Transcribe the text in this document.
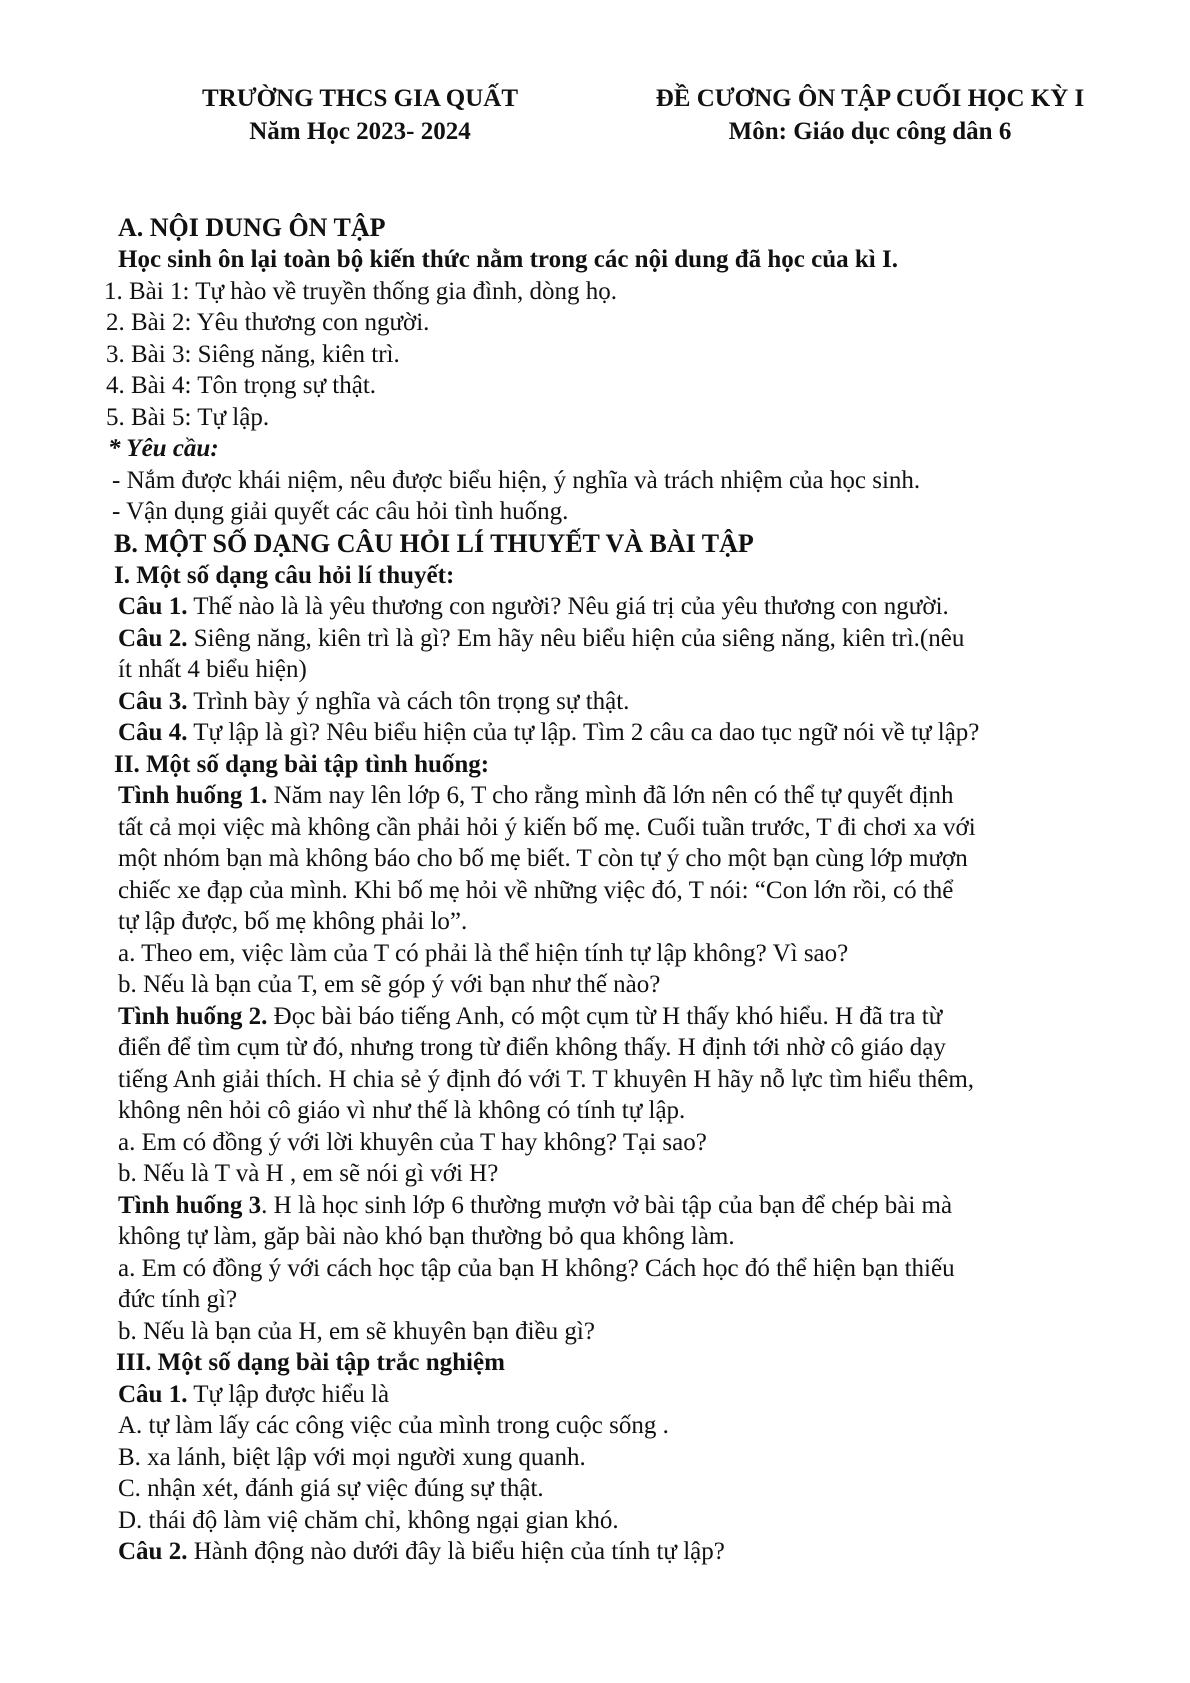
TRƯỜNG THCS GIA QUẤT
Năm Học 2023- 2024
ĐỀ CƯƠNG ÔN TẬP CUỐI HỌC KỲ I
Môn: Giáo dục công dân 6
A. NỘI DUNG ÔN TẬP
Học sinh ôn lại toàn bộ kiến thức nằm trong các nội dung đã học của kì I.
1. Bài 1: Tự hào về truyền thống gia đình, dòng họ.
2. Bài 2: Yêu thương con người.
3. Bài 3: Siêng năng, kiên trì.
4. Bài 4: Tôn trọng sự thật.
5. Bài 5: Tự lập.
* Yêu cầu:
- Nắm được khái niệm, nêu được biểu hiện, ý nghĩa và trách nhiệm của học sinh.
- Vận dụng giải quyết các câu hỏi tình huống.
B. MỘT SỐ DẠNG CÂU HỎI LÍ THUYẾT VÀ BÀI TẬP
I. Một số dạng câu hỏi lí thuyết:
Câu 1. Thế nào là là yêu thương con người? Nêu giá trị của yêu thương con người.
Câu 2. Siêng năng, kiên trì là gì? Em hãy nêu biểu hiện của siêng năng, kiên trì.(nêu
ít nhất 4 biểu hiện)
Câu 3. Trình bày ý nghĩa và cách tôn trọng sự thật.
Câu 4. Tự lập là gì? Nêu biểu hiện của tự lập. Tìm 2 câu ca dao tục ngữ nói về tự lập?
II. Một số dạng bài tập tình huống:
Tình huống 1. Năm nay lên lớp 6, T cho rằng mình đã lớn nên có thể tự quyết định
tất cả mọi việc mà không cần phải hỏi ý kiến bố mẹ. Cuối tuần trước, T đi chơi xa với
một nhóm bạn mà không báo cho bố mẹ biết. T còn tự ý cho một bạn cùng lớp mượn
chiếc xe đạp của mình. Khi bố mẹ hỏi về những việc đó, T nói: “Con lớn rồi, có thể
tự lập được, bố mẹ không phải lo”.
a. Theo em, việc làm của T có phải là thể hiện tính tự lập không? Vì sao?
b. Nếu là bạn của T, em sẽ góp ý với bạn như thế nào?
Tình huống 2. Đọc bài báo tiếng Anh, có một cụm từ H thấy khó hiểu. H đã tra từ
điển để tìm cụm từ đó, nhưng trong từ điển không thấy. H định tới nhờ cô giáo dạy
tiếng Anh giải thích. H chia sẻ ý định đó với T. T khuyên H hãy nỗ lực tìm hiểu thêm,
không nên hỏi cô giáo vì như thế là không có tính tự lập.
a. Em có đồng ý với lời khuyên của T hay không? Tại sao?
b. Nếu là T và H , em sẽ nói gì với H?
Tình huống 3. H là học sinh lớp 6 thường mượn vở bài tập của bạn để chép bài mà
không tự làm, găp bài nào khó bạn thường bỏ qua không làm.
a. Em có đồng ý với cách học tập của bạn H không? Cách học đó thể hiện bạn thiếu
đức tính gì?
b. Nếu là bạn của H, em sẽ khuyên bạn điều gì?
III. Một số dạng bài tập trắc nghiệm
Câu 1. Tự lập được hiểu là
A. tự làm lấy các công việc của mình trong cuộc sống .
B. xa lánh, biệt lập với mọi người xung quanh.
C. nhận xét, đánh giá sự việc đúng sự thật.
D. thái độ làm việ chăm chỉ, không ngại gian khó.
Câu 2. Hành động nào dưới đây là biểu hiện của tính tự lập?
